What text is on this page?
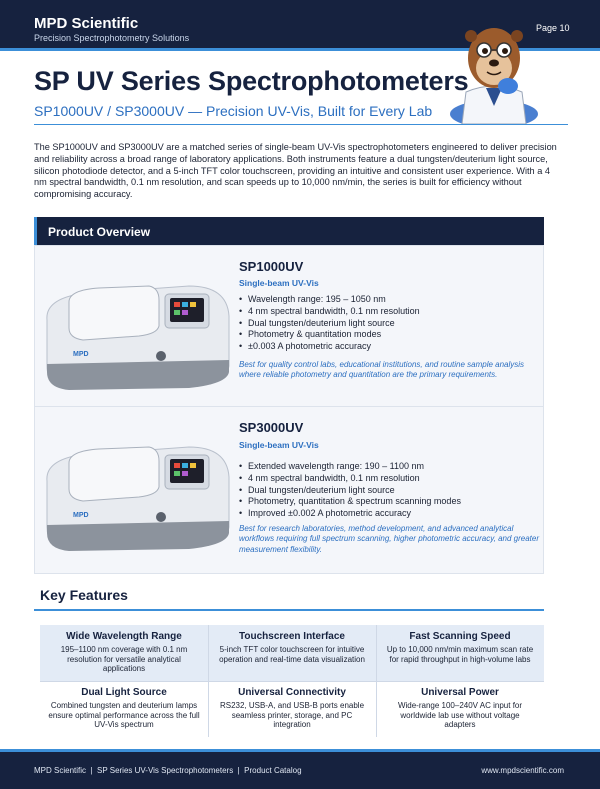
MPD Scientific
Precision Spectrophotometry Solutions
Page 10
SP UV Series Spectrophotometers
SP1000UV / SP3000UV — Precision UV-Vis, Built for Every Lab

The SP1000UV and SP3000UV are a matched series of single-beam UV-Vis spectrophotometers engineered to deliver precision and reliability across a broad range of laboratory applications. Both instruments feature a dual tungsten/deuterium light source, silicon photodiode detector, and a 5-inch TFT color touchscreen, providing an intuitive and consistent user experience. With a 4 nm spectral bandwidth, 0.1 nm resolution, and scan speeds up to 10,000 nm/min, the series is built for efficiency without compromising accuracy.

Product Overview
MPD
SP1000UV
Single-beam UV-Vis
• Wavelength range: 195 – 1050 nm
• 4 nm spectral bandwidth, 0.1 nm resolution
• Dual tungsten/deuterium light source
• Photometry & quantitation modes
• ±0.003 A photometric accuracy
Best for quality control labs, educational institutions, and routine sample analysis where reliable photometry and quantitation are the primary requirements.
MPD
SP3000UV
Single-beam UV-Vis
• Extended wavelength range: 190 – 1100 nm
• 4 nm spectral bandwidth, 0.1 nm resolution
• Dual tungsten/deuterium light source
• Photometry, quantitation & spectrum scanning modes
• Improved ±0.002 A photometric accuracy
Best for research laboratories, method development, and advanced analytical workflows requiring full spectrum scanning, higher photometric accuracy, and greater measurement flexibility.
Key Features
Wide Wavelength Range
195–1100 nm coverage with 0.1 nm resolution for versatile analytical applications
Touchscreen Interface
5-inch TFT color touchscreen for intuitive operation and real-time data visualization
Fast Scanning Speed
Up to 10,000 nm/min maximum scan rate for rapid throughput in high-volume labs
Dual Light Source
Combined tungsten and deuterium lamps ensure optimal performance across the full UV-Vis spectrum
Universal Connectivity
RS232, USB-A, and USB-B ports enable seamless printer, storage, and PC integration
Universal Power
Wide-range 100–240V AC input for worldwide lab use without voltage adapters
MPD Scientific  |  SP Series UV-Vis Spectrophotometers  |  Product Catalog	www.mpdscientific.com
